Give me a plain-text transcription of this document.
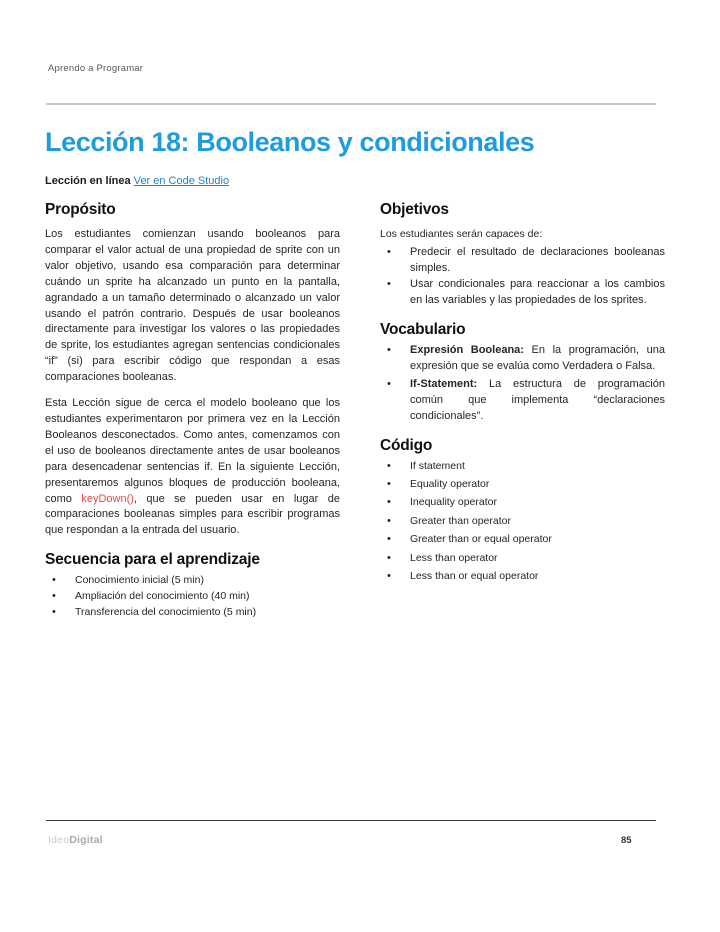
Aprendo a Programar
Lección 18: Booleanos y condicionales
Lección en línea Ver en Code Studio
Propósito

Los estudiantes comienzan usando booleanos para comparar el valor actual de una propiedad de sprite con un valor objetivo, usando esa comparación para determinar cuándo un sprite ha alcanzado un punto en la pantalla, agrandado a un tamaño determinado o alcanzado un valor usando el patrón contrario. Después de usar booleanos directamente para investigar los valores o las propiedades de sprite, los estudiantes agregan sentencias condicionales “if” (si) para escribir código que respondan a esas comparaciones booleanas.

Esta Lección sigue de cerca el modelo booleano que los estudiantes experimentaron por primera vez en la Lección Booleanos desconectados. Como antes, comenzamos con el uso de booleanos directamente antes de usar booleanos para desencadenar sentencias if. En la siguiente Lección, presentaremos algunos bloques de producción booleana, como keyDown(), que se pueden usar en lugar de comparaciones booleanas simples para escribir programas que respondan a la entrada del usuario.

Secuencia para el aprendizaje
• Conocimiento inicial (5 min)
• Ampliación del conocimiento (40 min)
• Transferencia del conocimiento (5 min)
Objetivos
Los estudiantes serán capaces de:
• Predecir el resultado de declaraciones booleanas simples.
• Usar condicionales para reaccionar a los cambios en las variables y las propiedades de los sprites.
Vocabulario
• Expresión Booleana: En la programación, una expresión que se evalúa como Verdadera o Falsa.
• If-Statement: La estructura de programación común que implementa “declaraciones condicionales”.
Código
• If statement
• Equality operator
• Inequality operator
• Greater than operator
• Greater than or equal operator
• Less than operator
• Less than or equal operator
IdeoDigital	85
